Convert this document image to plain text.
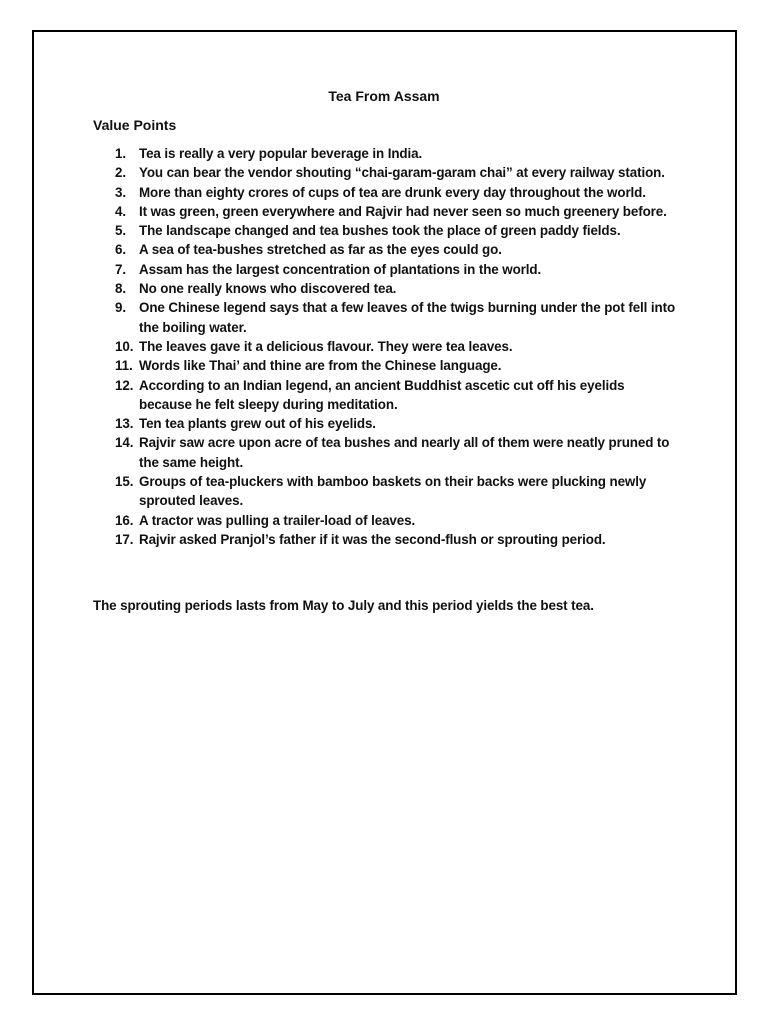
Tea From Assam
Value Points
1. Tea is really a very popular beverage in India.
2. You can bear the vendor shouting “chai-garam-garam chai” at every railway station.
3. More than eighty crores of cups of tea are drunk every day throughout the world.
4. It was green, green everywhere and Rajvir had never seen so much greenery before.
5. The landscape changed and tea bushes took the place of green paddy fields.
6. A sea of tea-bushes stretched as far as the eyes could go.
7. Assam has the largest concentration of plantations in the world.
8. No one really knows who discovered tea.
9. One Chinese legend says that a few leaves of the twigs burning under the pot fell into the boiling water.
10. The leaves gave it a delicious flavour. They were tea leaves.
11. Words like Thai’ and thine are from the Chinese language.
12. According to an Indian legend, an ancient Buddhist ascetic cut off his eyelids because he felt sleepy during meditation.
13. Ten tea plants grew out of his eyelids.
14. Rajvir saw acre upon acre of tea bushes and nearly all of them were neatly pruned to the same height.
15. Groups of tea-pluckers with bamboo baskets on their backs were plucking newly sprouted leaves.
16. A tractor was pulling a trailer-load of leaves.
17. Rajvir asked Pranjol’s father if it was the second-flush or sprouting period.
The sprouting periods lasts from May to July and this period yields the best tea.
